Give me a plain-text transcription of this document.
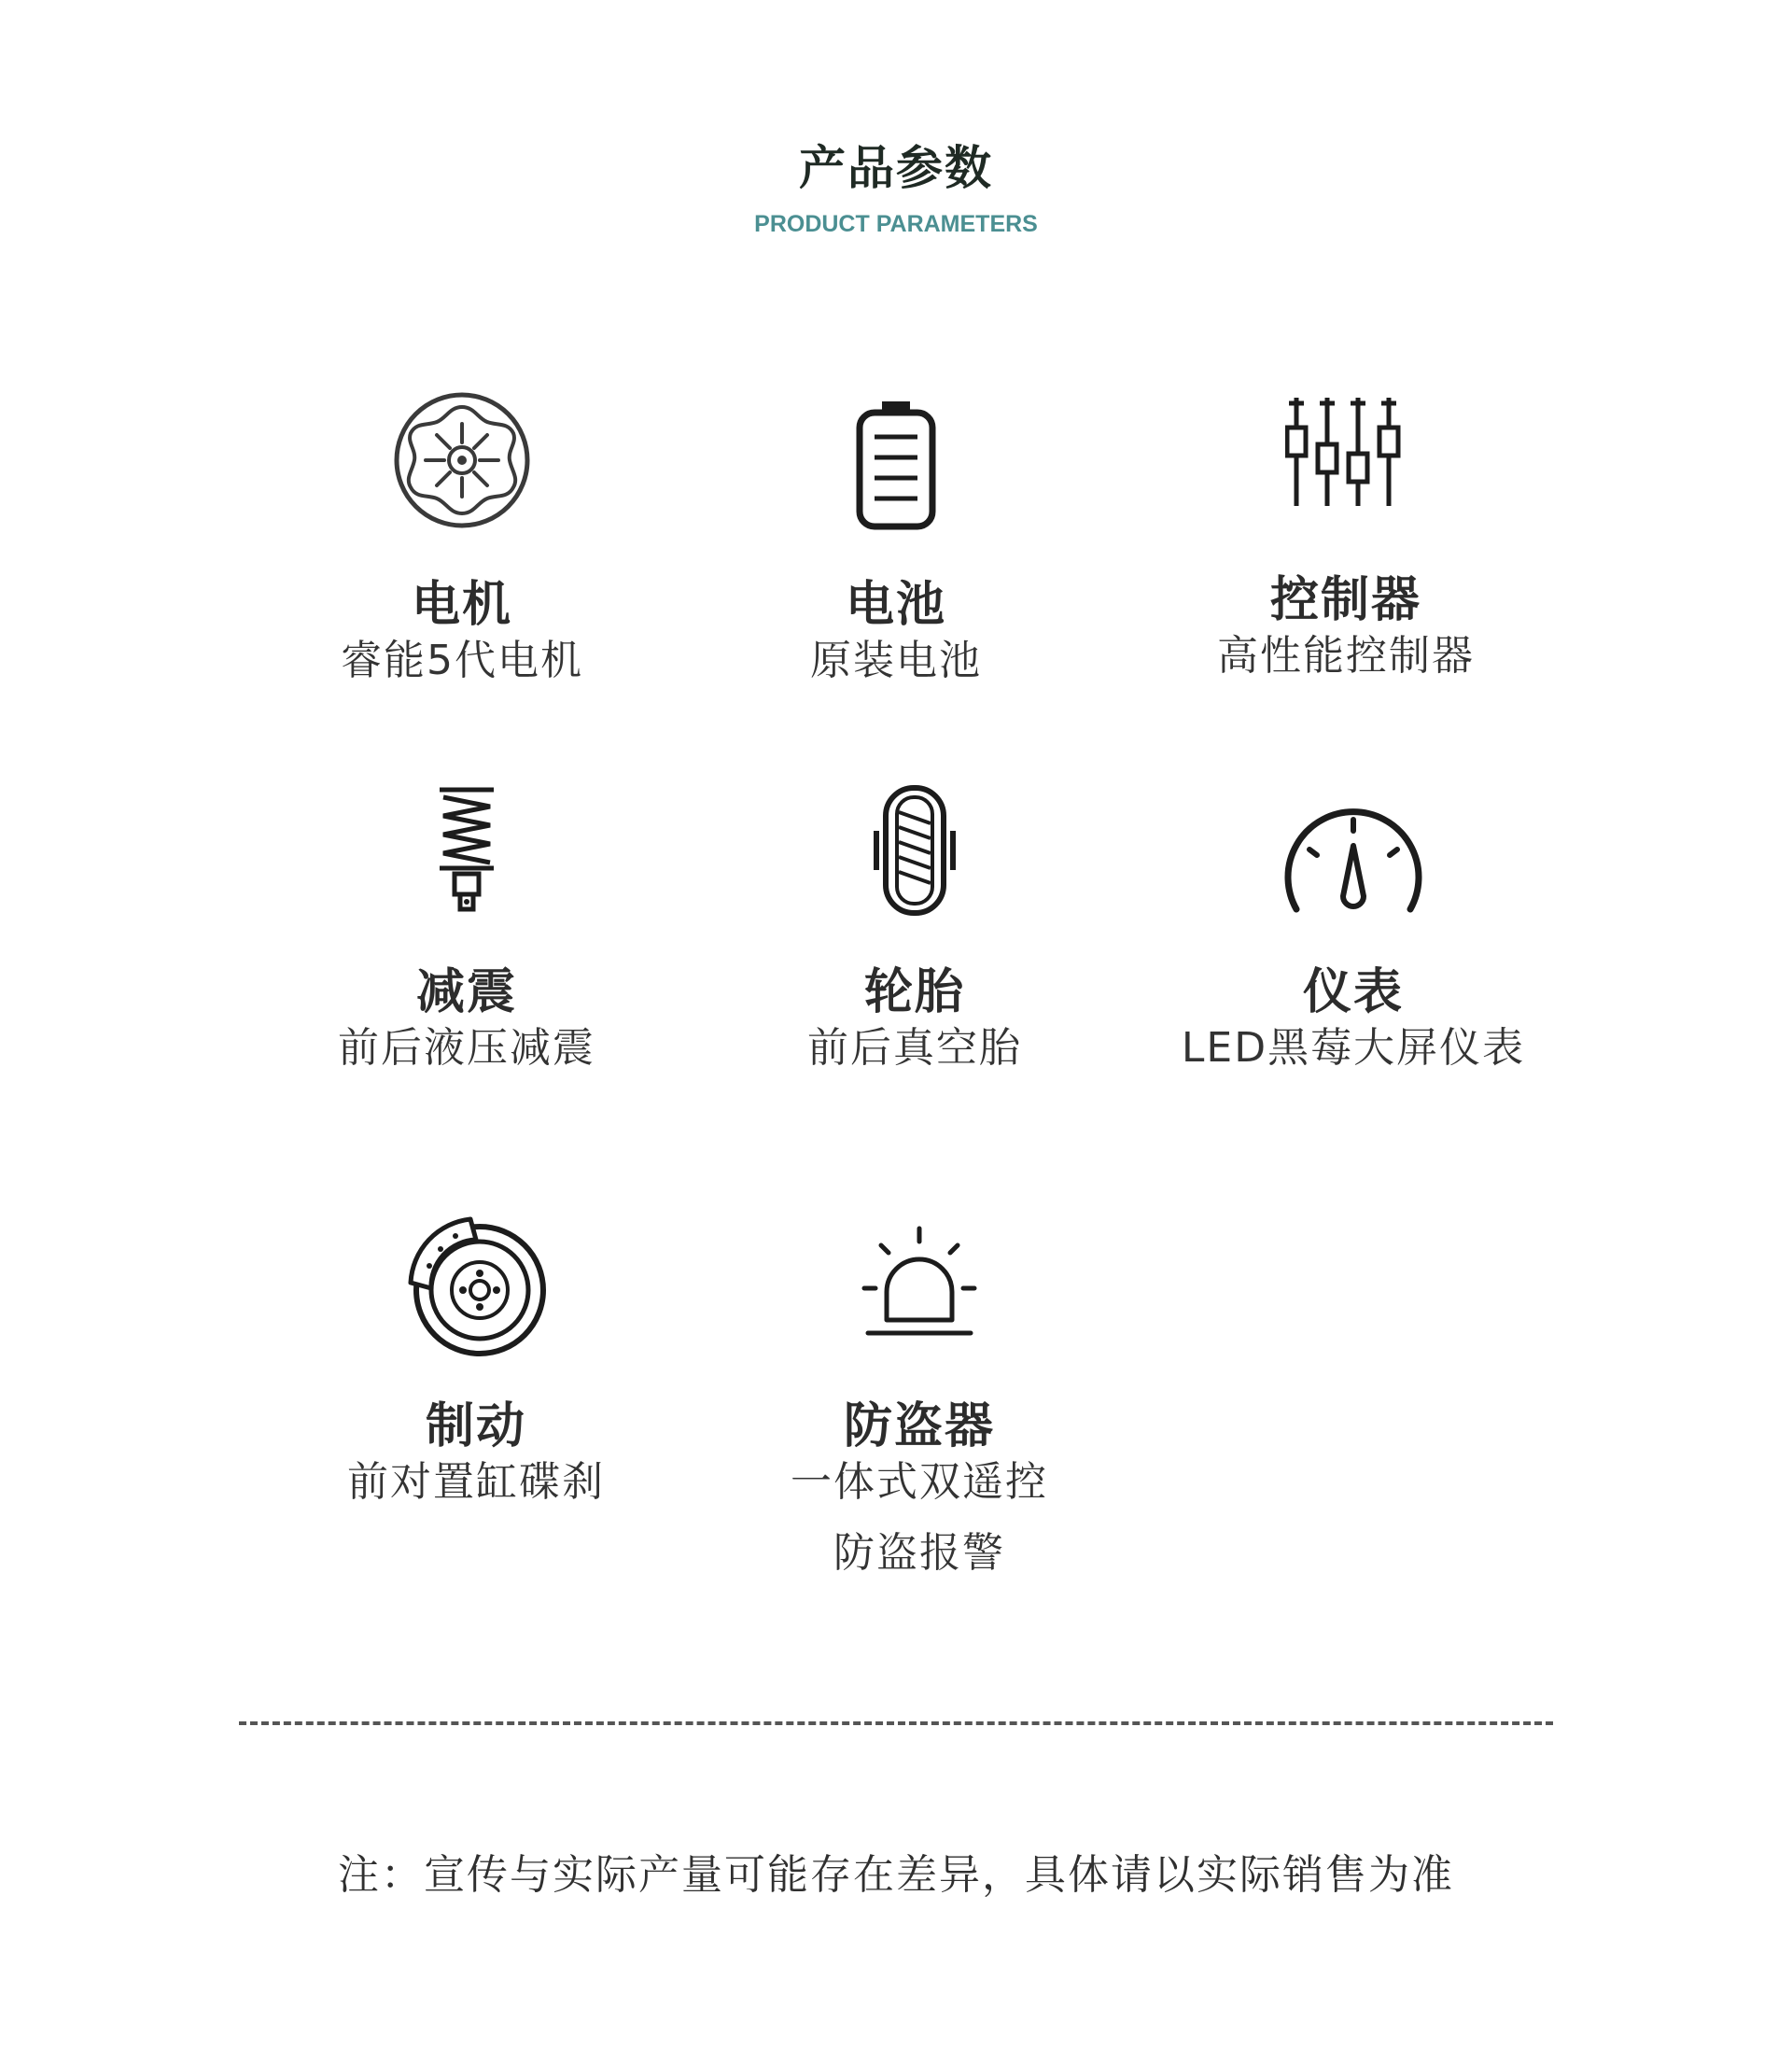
产品参数
PRODUCT PARAMETERS
电机
睿能5代电机
电池
原装电池
控制器
高性能控制器
减震
前后液压减震
轮胎
前后真空胎
仪表
LED黑莓大屏仪表
制动
前对置缸碟刹
防盗器
一体式双遥控
防盗报警
注：宣传与实际产量可能存在差异，具体请以实际销售为准
